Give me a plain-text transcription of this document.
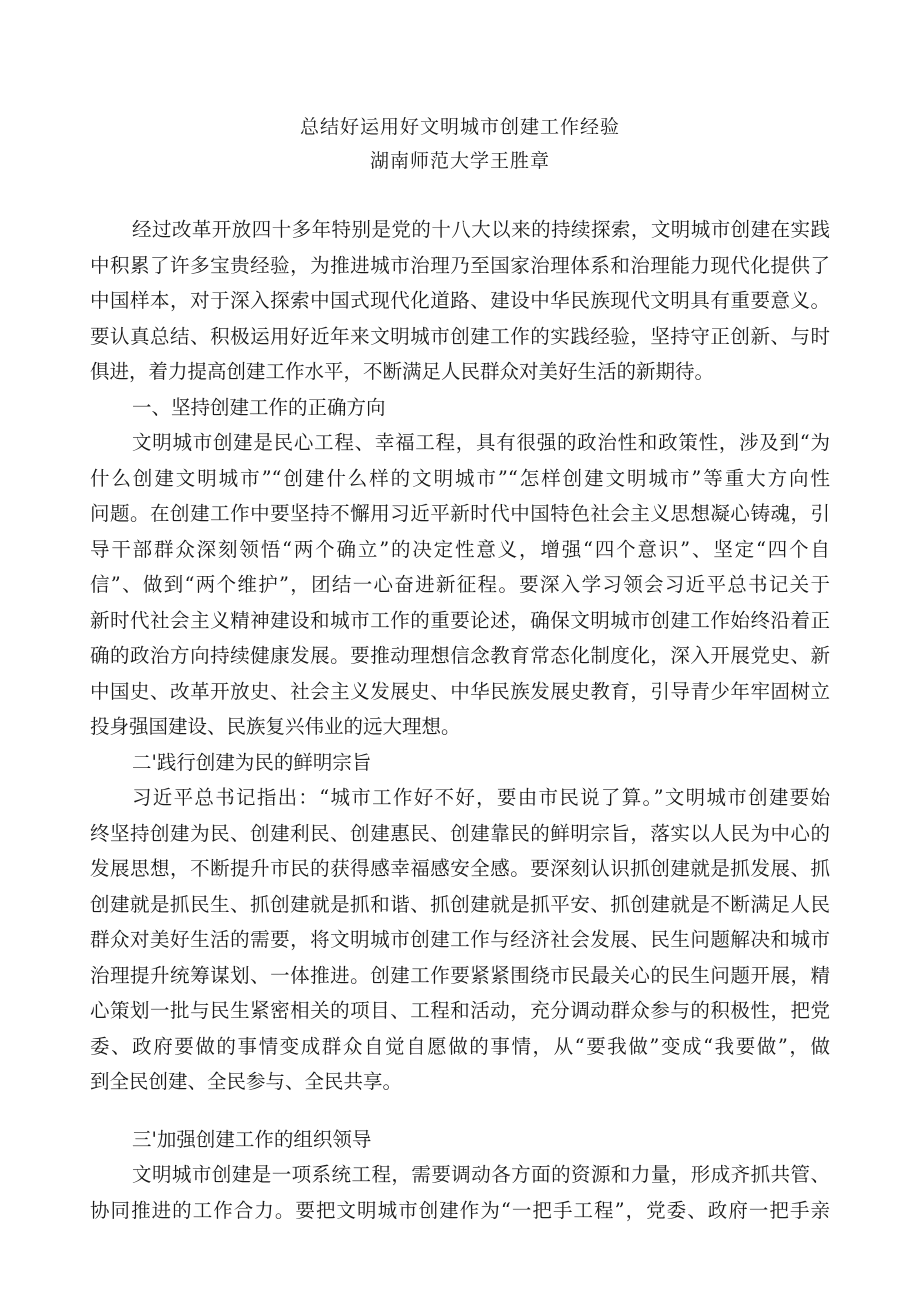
总结好运用好文明城市创建工作经验
湖南师范大学王胜章
经过改革开放四十多年特别是党的十八大以来的持续探索，文明城市创建在实践
中积累了许多宝贵经验，为推进城市治理乃至国家治理体系和治理能力现代化提供了
中国样本，对于深入探索中国式现代化道路、建设中华民族现代文明具有重要意义。
要认真总结、积极运用好近年来文明城市创建工作的实践经验，坚持守正创新、与时
俱进，着力提高创建工作水平，不断满足人民群众对美好生活的新期待。
一、坚持创建工作的正确方向
文明城市创建是民心工程、幸福工程，具有很强的政治性和政策性，涉及到“为
什么创建文明城市”“创建什么样的文明城市”“怎样创建文明城市”等重大方向性
问题。在创建工作中要坚持不懈用习近平新时代中国特色社会主义思想凝心铸魂，引
导干部群众深刻领悟“两个确立”的决定性意义，增强“四个意识”、坚定“四个自
信”、做到“两个维护”，团结一心奋进新征程。要深入学习领会习近平总书记关于
新时代社会主义精神建设和城市工作的重要论述，确保文明城市创建工作始终沿着正
确的政治方向持续健康发展。要推动理想信念教育常态化制度化，深入开展党史、新
中国史、改革开放史、社会主义发展史、中华民族发展史教育，引导青少年牢固树立
投身强国建设、民族复兴伟业的远大理想。
二'践行创建为民的鲜明宗旨
习近平总书记指出：“城市工作好不好，要由市民说了算。”文明城市创建要始
终坚持创建为民、创建利民、创建惠民、创建靠民的鲜明宗旨，落实以人民为中心的
发展思想，不断提升市民的获得感幸福感安全感。要深刻认识抓创建就是抓发展、抓
创建就是抓民生、抓创建就是抓和谐、抓创建就是抓平安、抓创建就是不断满足人民
群众对美好生活的需要，将文明城市创建工作与经济社会发展、民生问题解决和城市
治理提升统筹谋划、一体推进。创建工作要紧紧围绕市民最关心的民生问题开展，精
心策划一批与民生紧密相关的项目、工程和活动，充分调动群众参与的积极性，把党
委、政府要做的事情变成群众自觉自愿做的事情，从“要我做”变成“我要做”，做
到全民创建、全民参与、全民共享。
三'加强创建工作的组织领导
文明城市创建是一项系统工程，需要调动各方面的资源和力量，形成齐抓共管、
协同推进的工作合力。要把文明城市创建作为“一把手工程”，党委、政府一把手亲
